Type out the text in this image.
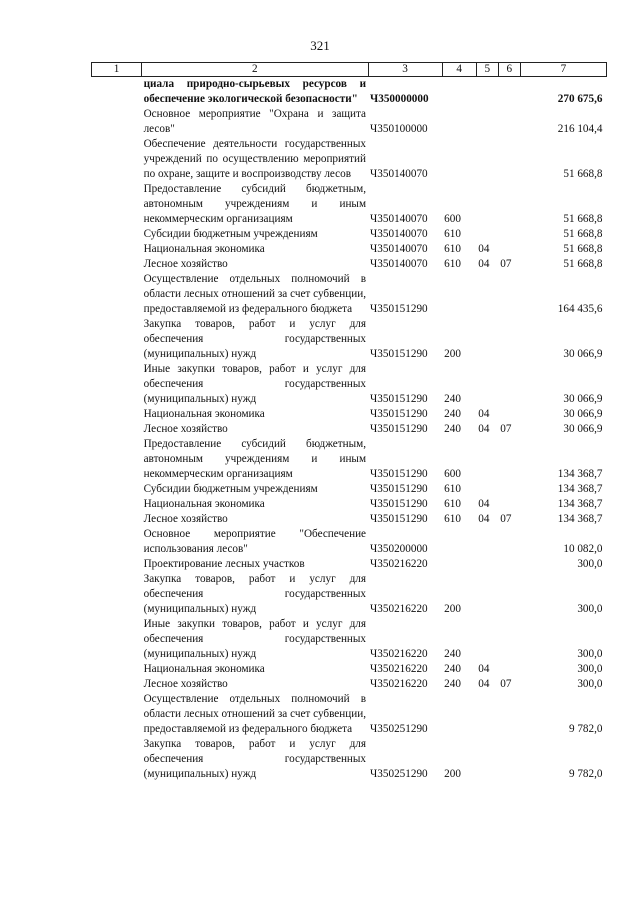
321
1	2	3	4	5	6	7
	циала природно-сырьевых ресурсов и обеспечение экологической безопасности"	Ч350000000				270 675,6
	Основное мероприятие "Охрана и защита лесов"	Ч350100000				216 104,4
	Обеспечение деятельности государственных учреждений по осуществлению мероприятий по охране, защите и воспроизводству лесов	Ч350140070				51 668,8
	Предоставление субсидий бюджетным, автономным учреждениям и иным некоммерческим организациям	Ч350140070	600			51 668,8
	Субсидии бюджетным учреждениям	Ч350140070	610			51 668,8
	Национальная экономика	Ч350140070	610	04		51 668,8
	Лесное хозяйство	Ч350140070	610	04	07	51 668,8
	Осуществление отдельных полномочий в области лесных отношений за счет субвенции, предоставляемой из федерального бюджета	Ч350151290				164 435,6
	Закупка товаров, работ и услуг для обеспечения государственных (муниципальных) нужд	Ч350151290	200			30 066,9
	Иные закупки товаров, работ и услуг для обеспечения государственных (муниципальных) нужд	Ч350151290	240			30 066,9
	Национальная экономика	Ч350151290	240	04		30 066,9
	Лесное хозяйство	Ч350151290	240	04	07	30 066,9
	Предоставление субсидий бюджетным, автономным учреждениям и иным некоммерческим организациям	Ч350151290	600			134 368,7
	Субсидии бюджетным учреждениям	Ч350151290	610			134 368,7
	Национальная экономика	Ч350151290	610	04		134 368,7
	Лесное хозяйство	Ч350151290	610	04	07	134 368,7
	Основное мероприятие "Обеспечение использования лесов"	Ч350200000				10 082,0
	Проектирование лесных участков	Ч350216220				300,0
	Закупка товаров, работ и услуг для обеспечения государственных (муниципальных) нужд	Ч350216220	200			300,0
	Иные закупки товаров, работ и услуг для обеспечения государственных (муниципальных) нужд	Ч350216220	240			300,0
	Национальная экономика	Ч350216220	240	04		300,0
	Лесное хозяйство	Ч350216220	240	04	07	300,0
	Осуществление отдельных полномочий в области лесных отношений за счет субвенции, предоставляемой из федерального бюджета	Ч350251290				9 782,0
	Закупка товаров, работ и услуг для обеспечения государственных (муниципальных) нужд	Ч350251290	200			9 782,0
